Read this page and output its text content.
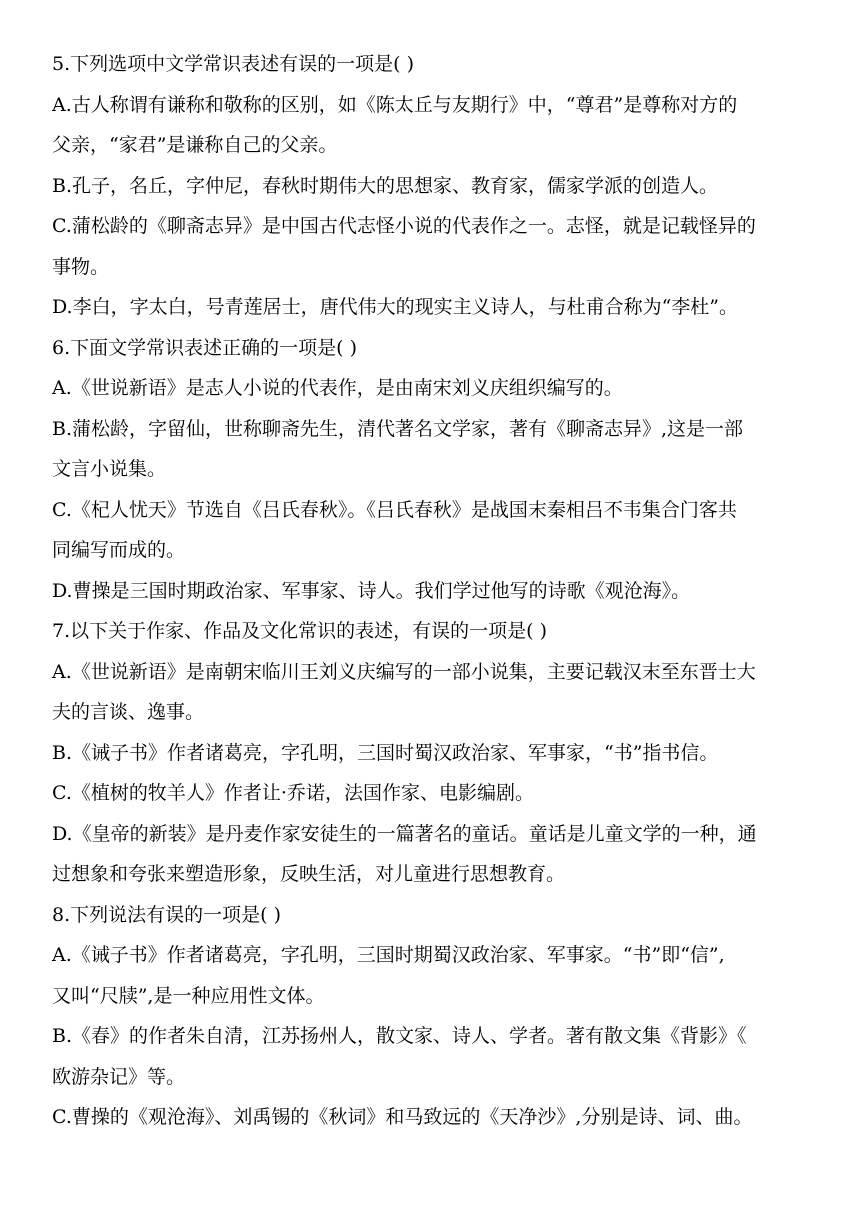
5.下列选项中文学常识表述有误的一项是( )
A.古人称谓有谦称和敬称的区别，如《陈太丘与友期行》中，“尊君”是尊称对方的
父亲，“家君”是谦称自己的父亲。
B.孔子，名丘，字仲尼，春秋时期伟大的思想家、教育家，儒家学派的创造人。
C.蒲松龄的《聊斋志异》是中国古代志怪小说的代表作之一。志怪，就是记载怪异的
事物。
D.李白，字太白，号青莲居士，唐代伟大的现实主义诗人，与杜甫合称为“李杜”。
6.下面文学常识表述正确的一项是( )
A.《世说新语》是志人小说的代表作，是由南宋刘义庆组织编写的。
B.蒲松龄，字留仙，世称聊斋先生，清代著名文学家，著有《聊斋志异》,这是一部
文言小说集。
C.《杞人忧天》节选自《吕氏春秋》。《吕氏春秋》是战国末秦相吕不韦集合门客共
同编写而成的。
D.曹操是三国时期政治家、军事家、诗人。我们学过他写的诗歌《观沧海》。
7.以下关于作家、作品及文化常识的表述，有误的一项是( )
A.《世说新语》是南朝宋临川王刘义庆编写的一部小说集，主要记载汉末至东晋士大
夫的言谈、逸事。
B.《诫子书》作者诸葛亮，字孔明，三国时蜀汉政治家、军事家，“书”指书信。
C.《植树的牧羊人》作者让·乔诺，法国作家、电影编剧。
D.《皇帝的新装》是丹麦作家安徒生的一篇著名的童话。童话是儿童文学的一种，通
过想象和夸张来塑造形象，反映生活，对儿童进行思想教育。
8.下列说法有误的一项是( )
A.《诫子书》作者诸葛亮，字孔明，三国时期蜀汉政治家、军事家。“书”即“信”,
又叫“尺牍”,是一种应用性文体。
B.《春》的作者朱自清，江苏扬州人，散文家、诗人、学者。著有散文集《背影》《
欧游杂记》等。
C.曹操的《观沧海》、刘禹锡的《秋词》和马致远的《天净沙》,分别是诗、词、曲。
